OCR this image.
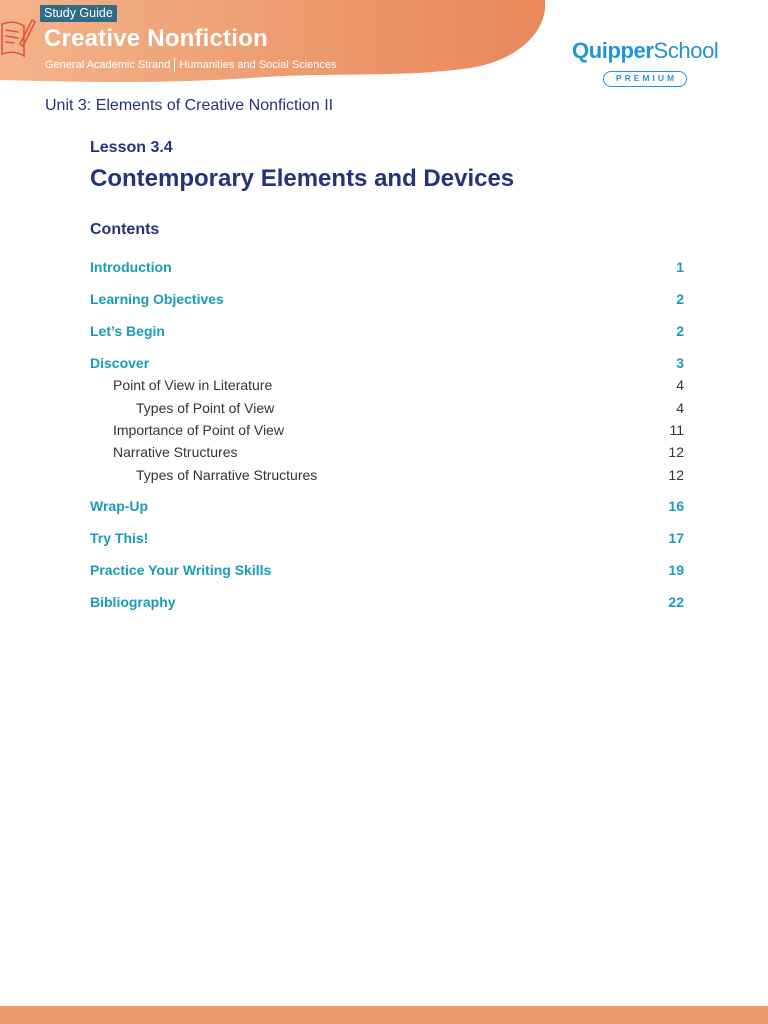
Study Guide
Creative Nonfiction
General Academic Strand Humanities and Social Sciences
QuipperSchool
PREMIUM
Unit 3: Elements of Creative Nonfiction II
Lesson 3.4
Contemporary Elements and Devices
Contents
Introduction	1
Learning Objectives	2
Let’s Begin	2
Discover	3
Point of View in Literature	4
Types of Point of View	4
Importance of Point of View	11
Narrative Structures	12
Types of Narrative Structures	12
Wrap-Up	16
Try This!	17
Practice Your Writing Skills	19
Bibliography	22
